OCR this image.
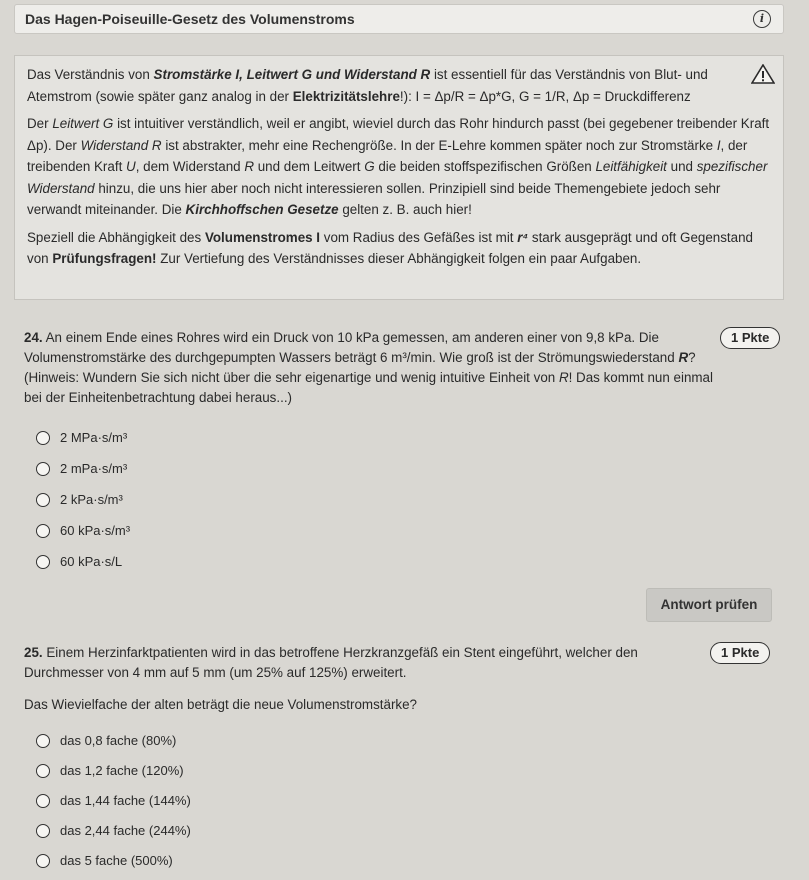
Das Hagen-Poiseuille-Gesetz des Volumenstroms	i

Das Verständnis von Stromstärke I, Leitwert G und Widerstand R ist essentiell für das Verständnis von Blut- und Atemstrom (sowie später ganz analog in der Elektrizitätslehre!): I = Δp/R = Δp*G, G = 1/R, Δp = Druckdifferenz

Der Leitwert G ist intuitiver verständlich, weil er angibt, wieviel durch das Rohr hindurch passt (bei gegebener treibender Kraft Δp). Der Widerstand R ist abstrakter, mehr eine Rechengröße. In der E-Lehre kommen später noch zur Stromstärke I, der treibenden Kraft U, dem Widerstand R und dem Leitwert G die beiden stoffspezifischen Größen Leitfähigkeit und spezifischer Widerstand hinzu, die uns hier aber noch nicht interessieren sollen. Prinzipiell sind beide Themengebiete jedoch sehr verwandt miteinander. Die Kirchhoffschen Gesetze gelten z. B. auch hier!

Speziell die Abhängigkeit des Volumenstromes I vom Radius des Gefäßes ist mit r⁴ stark ausgeprägt und oft Gegenstand von Prüfungsfragen! Zur Vertiefung des Verständnisses dieser Abhängigkeit folgen ein paar Aufgaben.

24. An einem Ende eines Rohres wird ein Druck von 10 kPa gemessen, am anderen einer von 9,8 kPa. Die Volumenstromstärke des durchgepumpten Wassers beträgt 6 m³/min. Wie groß ist der Strömungswiederstand R? (Hinweis: Wundern Sie sich nicht über die sehr eigenartige und wenig intuitive Einheit von R! Das kommt nun einmal bei der Einheitenbetrachtung dabei heraus...)
1 Pkte
2 MPa·s/m³
2 mPa·s/m³
2 kPa·s/m³
60 kPa·s/m³
60 kPa·s/L
Antwort prüfen
25. Einem Herzinfarktpatienten wird in das betroffene Herzkranzgefäß ein Stent eingeführt, welcher den Durchmesser von 4 mm auf 5 mm (um 25% auf 125%) erweitert.
1 Pkte
Das Wievielfache der alten beträgt die neue Volumenstromstärke?
das 0,8 fache (80%)
das 1,2 fache (120%)
das 1,44 fache (144%)
das 2,44 fache (244%)
das 5 fache (500%)
